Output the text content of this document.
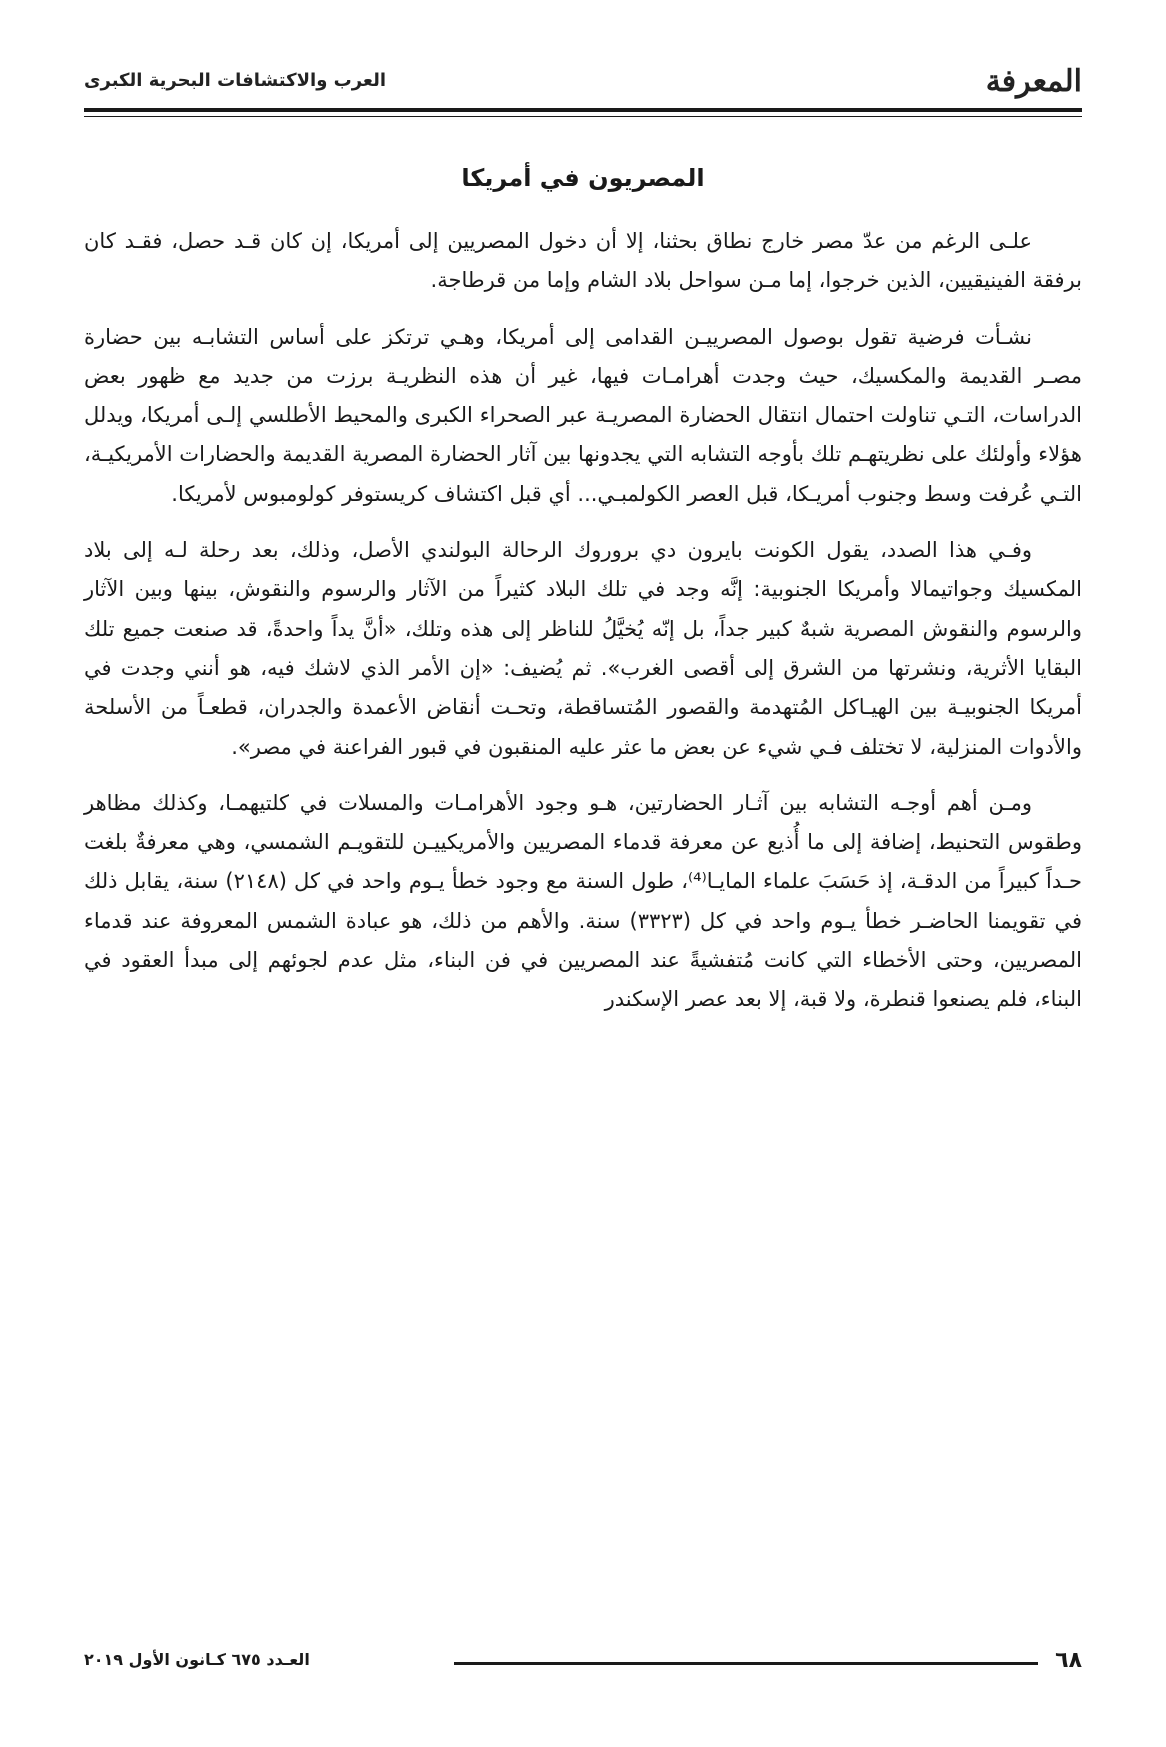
المعرفة
العرب والاكتشافات البحرية الكبرى
المصريون في أمريكا

علـى الرغم من عدّ مصر خارج نطاق بحثنا، إلا أن دخول المصريين إلى أمريكا، إن كان قـد حصل، فقـد كان برفقة الفينيقيين، الذين خرجوا، إما مـن سواحل بلاد الشام وإما من قرطاجة.

نشـأت فرضية تقول بوصول المصرييـن القدامى إلى أمريكا، وهـي ترتكز على أساس التشابـه بين حضارة مصـر القديمة والمكسيك، حيث وجدت أهرامـات فيها، غير أن هذه النظريـة برزت من جديد مع ظهور بعض الدراسات، التـي تناولت احتمال انتقال الحضارة المصريـة عبر الصحراء الكبرى والمحيط الأطلسي إلـى أمريكا، ويدلل هؤلاء وأولئك على نظريتهـم تلك بأوجه التشابه التي يجدونها بين آثار الحضارة المصرية القديمة والحضارات الأمريكيـة، التـي عُرفت وسط وجنوب أمريـكا، قبل العصر الكولمبـي... أي قبل اكتشاف كريستوفر كولومبوس لأمريكا.

وفـي هذا الصدد، يقول الكونت بايرون دي بروروك الرحالة البولندي الأصل، وذلك، بعد رحلة لـه إلى بلاد المكسيك وجواتيمالا وأمريكا الجنوبية: إنَّه وجد في تلك البلاد كثيراً من الآثار والرسوم والنقوش، بينها وبين الآثار والرسوم والنقوش المصرية شبهٌ كبير جداً، بل إنّه يُخيَّلُ للناظر إلى هذه وتلك، «أنَّ يداً واحدةً، قد صنعت جميع تلك البقايا الأثرية، ونشرتها من الشرق إلى أقصى الغرب». ثم يُضيف: «إن الأمر الذي لاشك فيه، هو أنني وجدت في أمريكا الجنوبيـة بين الهيـاكل المُتهدمة والقصور المُتساقطة، وتحـت أنقاض الأعمدة والجدران، قطعـاً من الأسلحة والأدوات المنزلية، لا تختلف فـي شيء عن بعض ما عثر عليه المنقبون في قبور الفراعنة في مصر».

ومـن أهم أوجـه التشابه بين آثـار الحضارتين، هـو وجود الأهرامـات والمسلات في كلتيهمـا، وكذلك مظاهر وطقوس التحنيط، إضافة إلى ما أُذيع عن معرفة قدماء المصريين والأمريكييـن للتقويـم الشمسي، وهي معرفةٌ بلغت حـداً كبيراً من الدقـة، إذ حَسَبَ علماء المايـا⁽⁴⁾، طول السنة مع وجود خطأ يـوم واحد في كل (٢١٤٨) سنة، يقابل ذلك في تقويمنا الحاضـر خطأ يـوم واحد في كل (٣٣٢٣) سنة. والأهم من ذلك، هو عبادة الشمس المعروفة عند قدماء المصريين، وحتى الأخطاء التي كانت مُتفشيةً عند المصريين في فن البناء، مثل عدم لجوئهم إلى مبدأ العقود في البناء، فلم يصنعوا قنطرة، ولا قبة، إلا بعد عصر الإسكندر

٦٨
العـدد ٦٧٥ كـانون الأول ٢٠١٩
